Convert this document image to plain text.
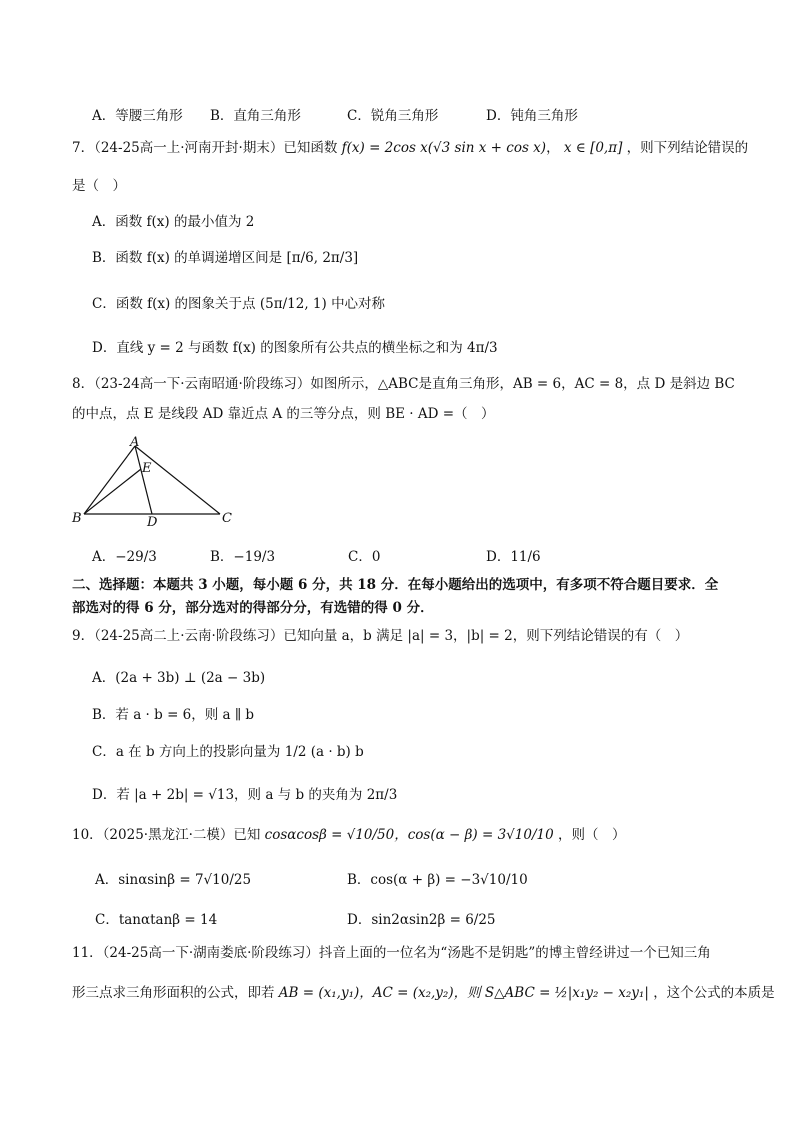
A．等腰三角形 B．直角三角形	C．锐角三角形	D．钝角三角形
7．（24-25高一上·河南开封·期末）已知函数 f(x) = 2cos x(√3 sin x + cos x)， x ∈ [0,π] ，则下列结论错误的
是（　）
A．函数 f(x) 的最小值为 2
B．函数 f(x) 的单调递增区间是 [π/6, 2π/3]
C．函数 f(x) 的图象关于点 (5π/12, 1) 中心对称
D．直线 y = 2 与函数 f(x) 的图象所有公共点的横坐标之和为 4π/3
8．（23-24高一下·云南昭通·阶段练习）如图所示，△ABC是直角三角形，AB = 6，AC = 8，点 D 是斜边 BC
的中点，点 E 是线段 AD 靠近点 A 的三等分点，则 BE · AD =（　）
A
E
B	D	C
A．−29/3	B．−19/3	C．0	D．11/6
二、选择题：本题共 3 小题，每小题 6 分，共 18 分．在每小题给出的选项中，有多项不符合题目要求．全
部选对的得 6 分，部分选对的得部分分，有选错的得 0 分．
9．（24-25高二上·云南·阶段练习）已知向量 a，b 满足 |a| = 3，|b| = 2，则下列结论错误的有（　）
A．(2a + 3b) ⊥ (2a − 3b)
B．若 a · b = 6，则 a ∥ b
C．a 在 b 方向上的投影向量为 1/2 (a · b) b
D．若 |a + 2b| = √13，则 a 与 b 的夹角为 2π/3
10．（2025·黑龙江·二模）已知 cosαcosβ = √10/50，cos(α − β) = 3√10/10 ，则（　）
A．sinαsinβ = 7√10/25	B．cos(α + β) = −3√10/10
C．tanαtanβ = 14	D．sin2αsin2β = 6/25
11．（24-25高一下·湖南娄底·阶段练习）抖音上面的一位名为“汤匙不是钥匙”的博主曾经讲过一个已知三角
形三点求三角形面积的公式，即若 AB = (x₁,y₁)，AC = (x₂,y₂)，则 S△ABC = ½|x₁y₂ − x₂y₁| ，这个公式的本质是
